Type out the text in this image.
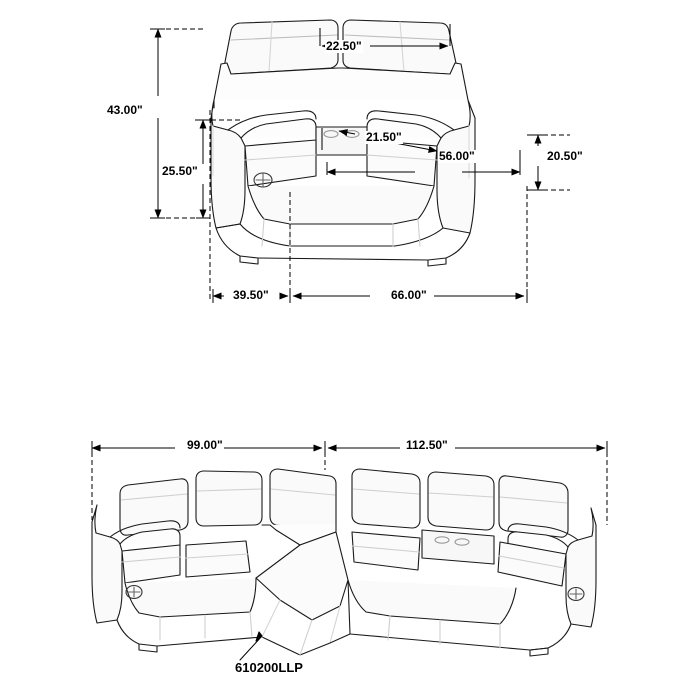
43.00"
22.50"
21.50"
25.50"
56.00"	20.50"
39.50"	66.00"
99.00"	112.50"
610200LLP
